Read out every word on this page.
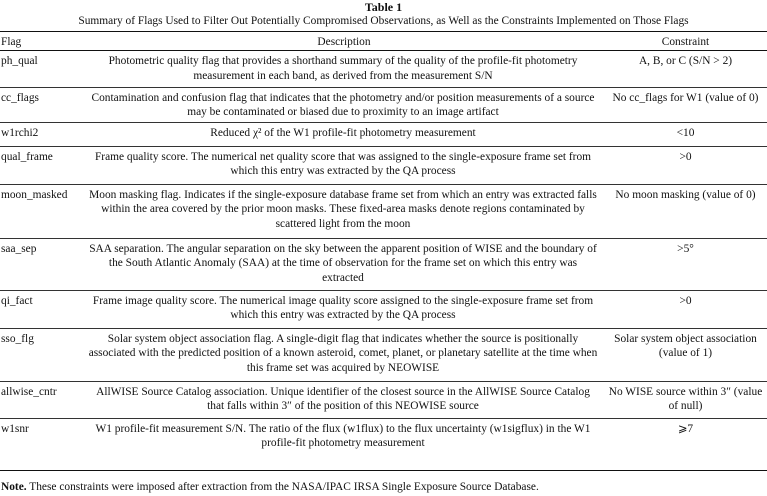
Table 1
Summary of Flags Used to Filter Out Potentially Compromised Observations, as Well as the Constraints Implemented on Those Flags
Flag	Description	Constraint
ph_qual	Photometric quality flag that provides a shorthand summary of the quality of the profile-fit photometry measurement in each band, as derived from the measurement S/N	A, B, or C (S/N > 2)
cc_flags	Contamination and confusion flag that indicates that the photometry and/or position measurements of a source may be contaminated or biased due to proximity to an image artifact	No cc_flags for W1 (value of 0)
w1rchi2	Reduced χ² of the W1 profile-fit photometry measurement	<10
qual_frame	Frame quality score. The numerical net quality score that was assigned to the single-exposure frame set from which this entry was extracted by the QA process	>0
moon_masked	Moon masking flag. Indicates if the single-exposure database frame set from which an entry was extracted falls within the area covered by the prior moon masks. These fixed-area masks denote regions contaminated by scattered light from the moon	No moon masking (value of 0)
saa_sep	SAA separation. The angular separation on the sky between the apparent position of WISE and the boundary of the South Atlantic Anomaly (SAA) at the time of observation for the frame set on which this entry was extracted	>5°
qi_fact	Frame image quality score. The numerical image quality score assigned to the single-exposure frame set from which this entry was extracted by the QA process	>0
sso_flg	Solar system object association flag. A single-digit flag that indicates whether the source is positionally associated with the predicted position of a known asteroid, comet, planet, or planetary satellite at the time when this frame set was acquired by NEOWISE	Solar system object association (value of 1)
allwise_cntr	AllWISE Source Catalog association. Unique identifier of the closest source in the AllWISE Source Catalog that falls within 3″ of the position of this NEOWISE source	No WISE source within 3″ (value of null)
w1snr	W1 profile-fit measurement S/N. The ratio of the flux (w1flux) to the flux uncertainty (w1sigflux) in the W1 profile-fit photometry measurement	⩾7
Note. These constraints were imposed after extraction from the NASA/IPAC IRSA Single Exposure Source Database.
